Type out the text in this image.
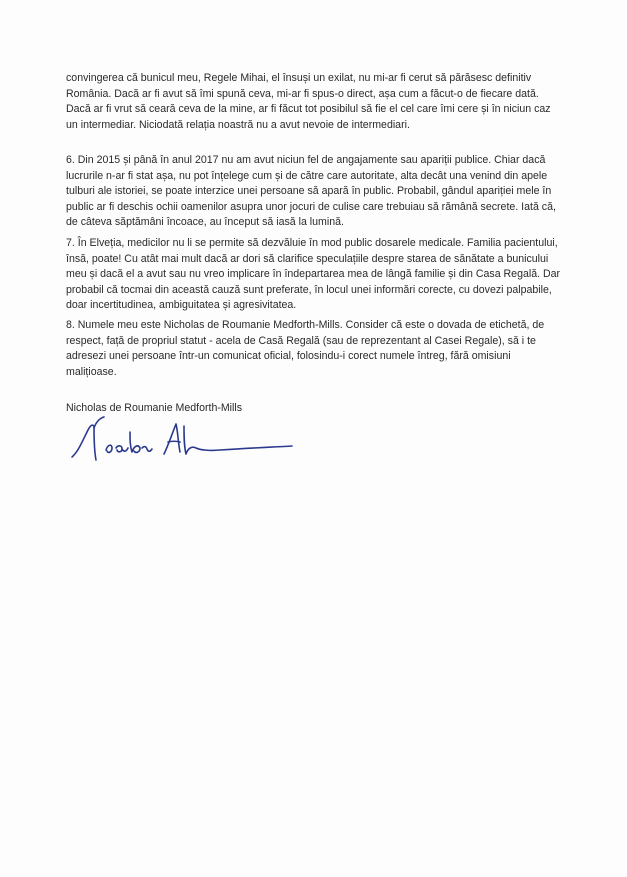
convingerea că bunicul meu, Regele Mihai, el însuși un exilat, nu mi-ar fi cerut să părăsesc definitiv
România. Dacă ar fi avut să îmi spună ceva, mi-ar fi spus-o direct, așa cum a făcut-o de fiecare dată.
Dacă ar fi vrut să ceară ceva de la mine, ar fi făcut tot posibilul să fie el cel care îmi cere și în niciun caz
un intermediar. Niciodată relația noastră nu a avut nevoie de intermediari.
6. Din 2015 și până în anul 2017 nu am avut niciun fel de angajamente sau apariții publice. Chiar dacă
lucrurile n-ar fi stat așa, nu pot înțelege cum și de către care autoritate, alta decât una venind din apele
tulburi ale istoriei, se poate interzice unei persoane să apară în public. Probabil, gândul apariției mele în
public ar fi deschis ochii oamenilor asupra unor jocuri de culise care trebuiau să rămână secrete. Iată că,
de câteva săptămâni încoace, au început să iasă la lumină.
7. În Elveția, medicilor nu li se permite să dezvăluie în mod public dosarele medicale. Familia pacientului,
însă, poate! Cu atât mai mult dacă ar dori să clarifice speculațiile despre starea de sănătate a bunicului
meu și dacă el a avut sau nu vreo implicare în îndepartarea mea de lângă familie și din Casa Regală. Dar
probabil că tocmai din această cauză sunt preferate, în locul unei informări corecte, cu dovezi palpabile,
doar incertitudinea, ambiguitatea și agresivitatea.
8. Numele meu este Nicholas de Roumanie Medforth-Mills. Consider că este o dovada de etichetă, de
respect, față de propriul statut - acela de Casă Regală (sau de reprezentant al Casei Regale), să i te
adresezi unei persoane într-un comunicat oficial, folosindu-i corect numele întreg, fără omisiuni
malițioase.
Nicholas de Roumanie Medforth-Mills
